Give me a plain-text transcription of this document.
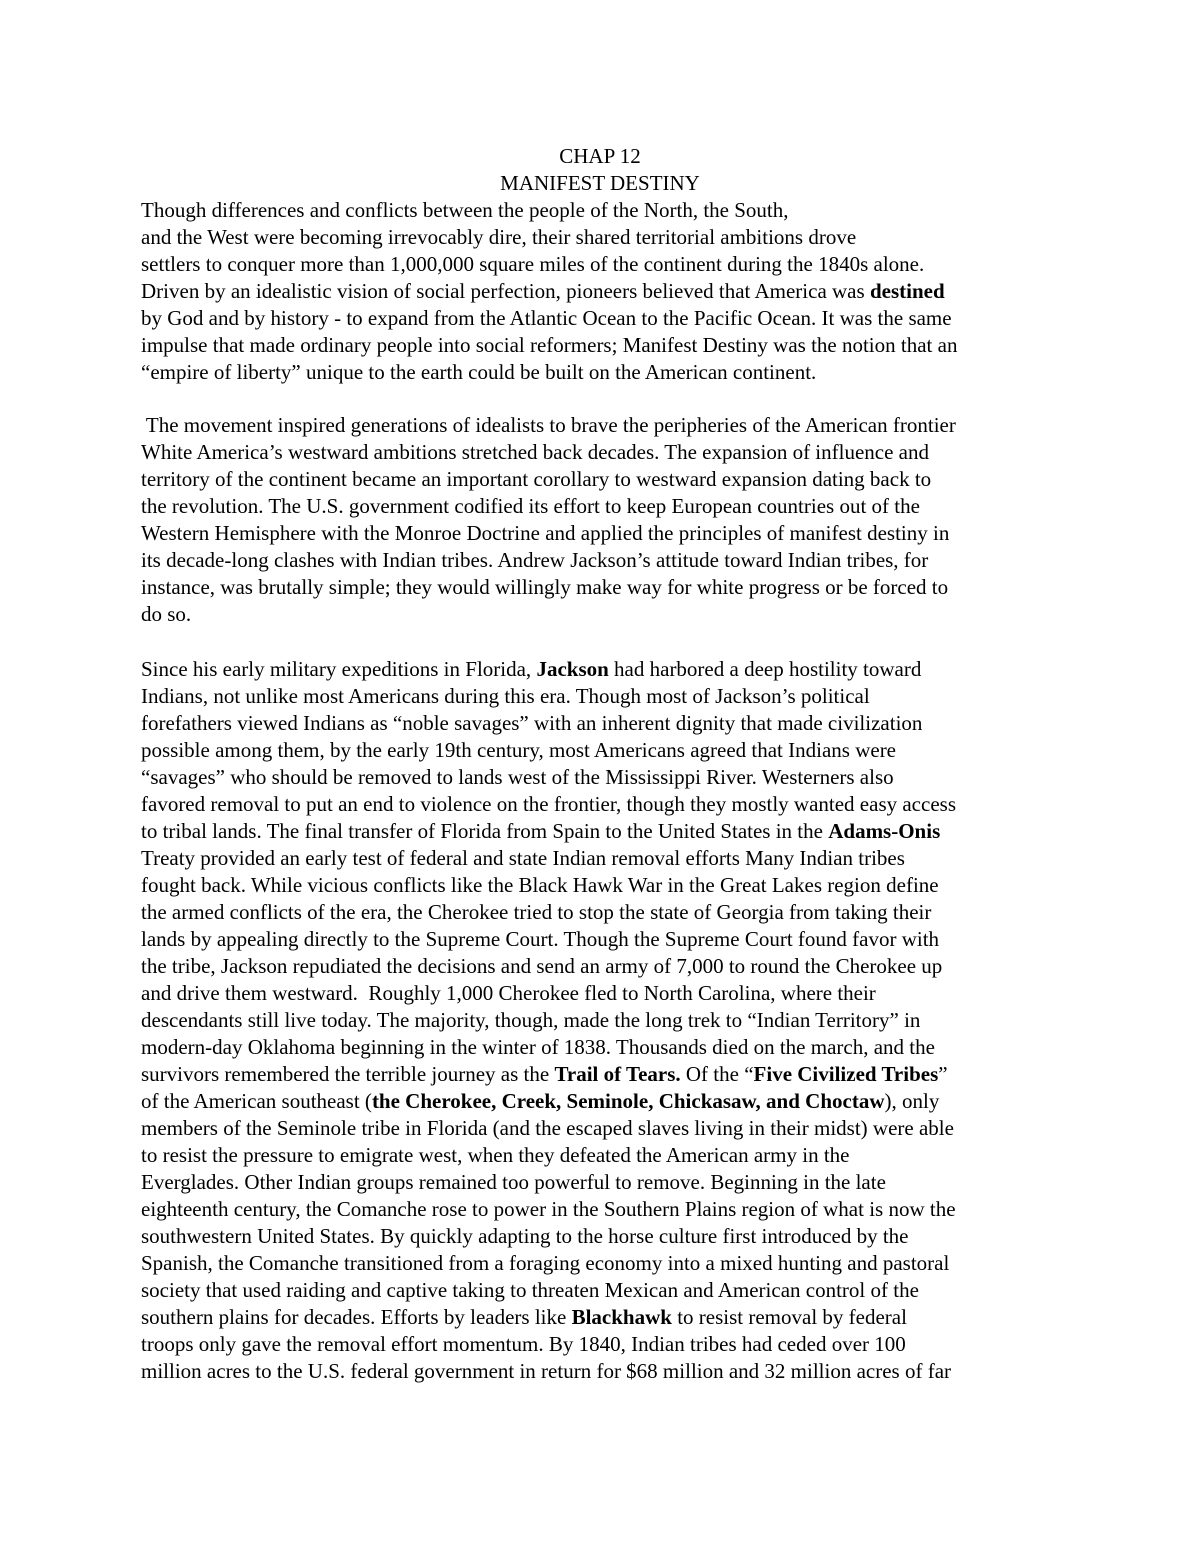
CHAP 12
MANIFEST DESTINY
Though differences and conflicts between the people of the North, the South,
and the West were becoming irrevocably dire, their shared territorial ambitions drove
settlers to conquer more than 1,000,000 square miles of the continent during the 1840s alone.
Driven by an idealistic vision of social perfection, pioneers believed that America was destined
by God and by history - to expand from the Atlantic Ocean to the Pacific Ocean. It was the same
impulse that made ordinary people into social reformers; Manifest Destiny was the notion that an
“empire of liberty” unique to the earth could be built on the American continent.
The movement inspired generations of idealists to brave the peripheries of the American frontier
White America’s westward ambitions stretched back decades. The expansion of influence and
territory of the continent became an important corollary to westward expansion dating back to
the revolution. The U.S. government codified its effort to keep European countries out of the
Western Hemisphere with the Monroe Doctrine and applied the principles of manifest destiny in
its decade-long clashes with Indian tribes. Andrew Jackson’s attitude toward Indian tribes, for
instance, was brutally simple; they would willingly make way for white progress or be forced to
do so.
Since his early military expeditions in Florida, Jackson had harbored a deep hostility toward
Indians, not unlike most Americans during this era. Though most of Jackson’s political
forefathers viewed Indians as “noble savages” with an inherent dignity that made civilization
possible among them, by the early 19th century, most Americans agreed that Indians were
“savages” who should be removed to lands west of the Mississippi River. Westerners also
favored removal to put an end to violence on the frontier, though they mostly wanted easy access
to tribal lands. The final transfer of Florida from Spain to the United States in the Adams-Onis
Treaty provided an early test of federal and state Indian removal efforts Many Indian tribes
fought back. While vicious conflicts like the Black Hawk War in the Great Lakes region define
the armed conflicts of the era, the Cherokee tried to stop the state of Georgia from taking their
lands by appealing directly to the Supreme Court. Though the Supreme Court found favor with
the tribe, Jackson repudiated the decisions and send an army of 7,000 to round the Cherokee up
and drive them westward.  Roughly 1,000 Cherokee fled to North Carolina, where their
descendants still live today. The majority, though, made the long trek to “Indian Territory” in
modern-day Oklahoma beginning in the winter of 1838. Thousands died on the march, and the
survivors remembered the terrible journey as the Trail of Tears. Of the “Five Civilized Tribes”
of the American southeast (the Cherokee, Creek, Seminole, Chickasaw, and Choctaw), only
members of the Seminole tribe in Florida (and the escaped slaves living in their midst) were able
to resist the pressure to emigrate west, when they defeated the American army in the
Everglades. Other Indian groups remained too powerful to remove. Beginning in the late
eighteenth century, the Comanche rose to power in the Southern Plains region of what is now the
southwestern United States. By quickly adapting to the horse culture first introduced by the
Spanish, the Comanche transitioned from a foraging economy into a mixed hunting and pastoral
society that used raiding and captive taking to threaten Mexican and American control of the
southern plains for decades. Efforts by leaders like Blackhawk to resist removal by federal
troops only gave the removal effort momentum. By 1840, Indian tribes had ceded over 100
million acres to the U.S. federal government in return for $68 million and 32 million acres of far
